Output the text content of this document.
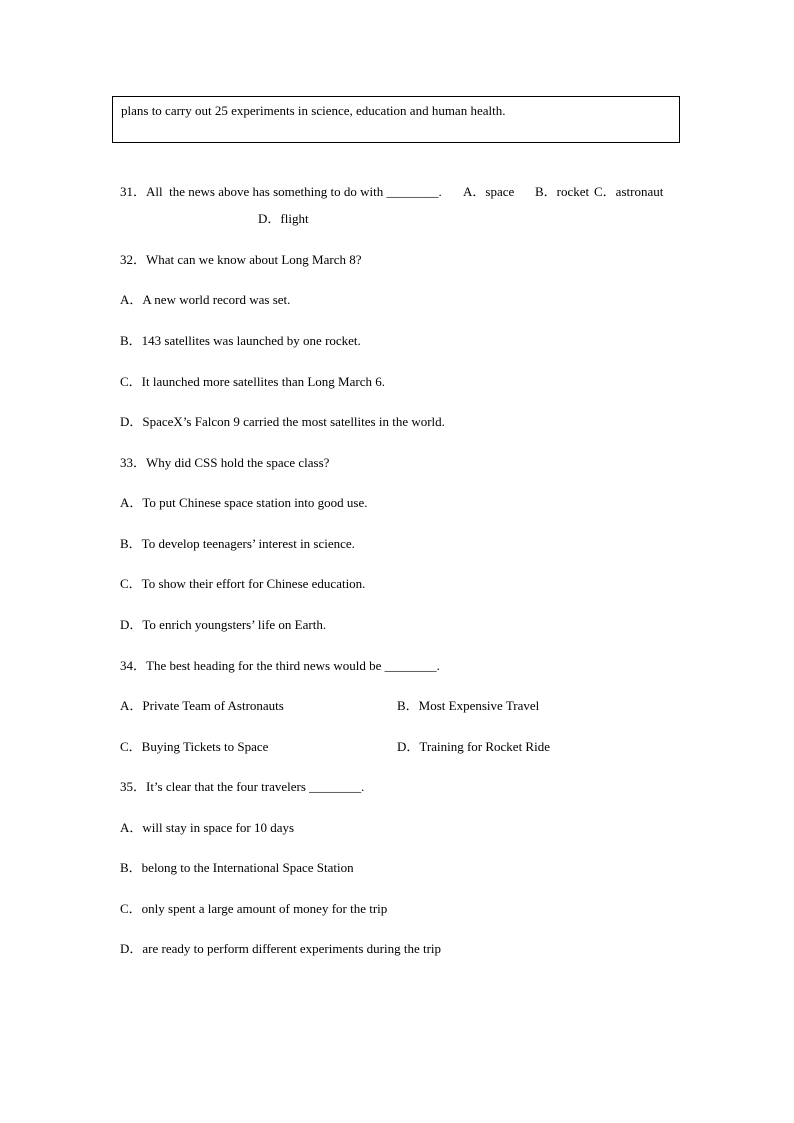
plans to carry out 25 experiments in science, education and human health.
31．All  the news above has something to do with ________. A．space B．rocket C．astronaut
D．flight
32．What can we know about Long March 8?
A．A new world record was set.
B．143 satellites was launched by one rocket.
C．It launched more satellites than Long March 6.
D．SpaceX’s Falcon 9 carried the most satellites in the world.
33．Why did CSS hold the space class?
A．To put Chinese space station into good use.
B．To develop teenagers’ interest in science.
C．To show their effort for Chinese education.
D．To enrich youngsters’ life on Earth.
34．The best heading for the third news would be ________.
A．Private Team of Astronauts	B．Most Expensive Travel
C．Buying Tickets to Space	D．Training for Rocket Ride
35．It’s clear that the four travelers ________.
A．will stay in space for 10 days
B．belong to the International Space Station
C．only spent a large amount of money for the trip
D．are ready to perform different experiments during the trip
